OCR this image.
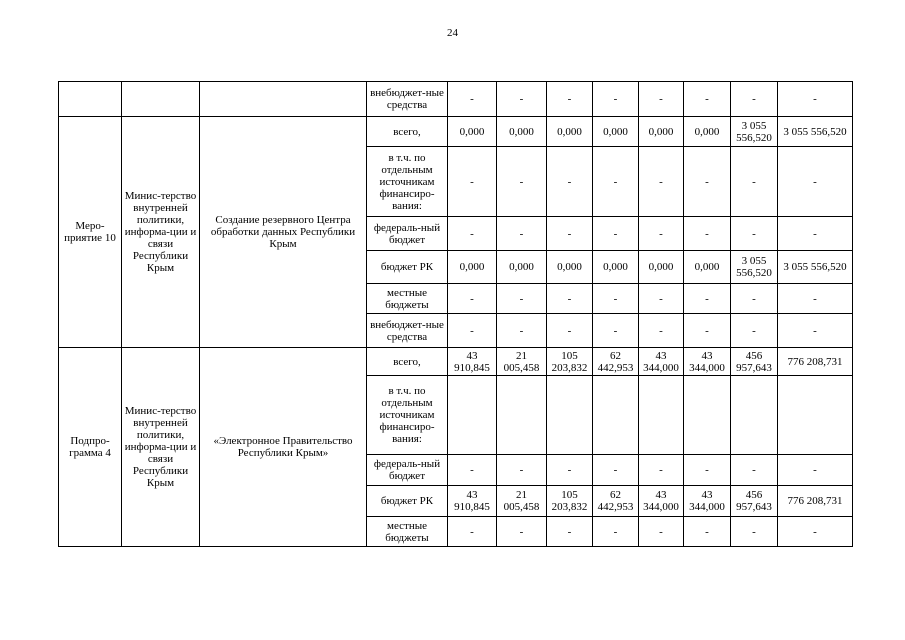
24
			внебюджет-ные средства	-	-	-	-	-	-	-	-
Меро-приятие 10	Минис-терство внутренней политики, информа-ции и связи Республики Крым	Создание резервного Центра обработки данных Республики Крым	всего,	0,000	0,000	0,000	0,000	0,000	0,000	3 055 556,520	3 055 556,520
			в т.ч. по отдельным источникам финансиро-вания:	-	-	-	-	-	-	-	-
			федераль-ный бюджет	-	-	-	-	-	-	-	-
			бюджет РК	0,000	0,000	0,000	0,000	0,000	0,000	3 055 556,520	3 055 556,520
			местные бюджеты	-	-	-	-	-	-	-	-
			внебюджет-ные средства	-	-	-	-	-	-	-	-
Подпро-грамма 4	Минис-терство внутренней политики, информа-ции и связи Республики Крым	«Электронное Правительство Республики Крым»	всего,	43 910,845	21 005,458	105 203,832	62 442,953	43 344,000	43 344,000	456 957,643	776 208,731
			в т.ч. по отдельным источникам финансиро-вания:								
			федераль-ный бюджет	-	-	-	-	-	-	-	-
			бюджет РК	43 910,845	21 005,458	105 203,832	62 442,953	43 344,000	43 344,000	456 957,643	776 208,731
			местные бюджеты	-	-	-	-	-	-	-	-
